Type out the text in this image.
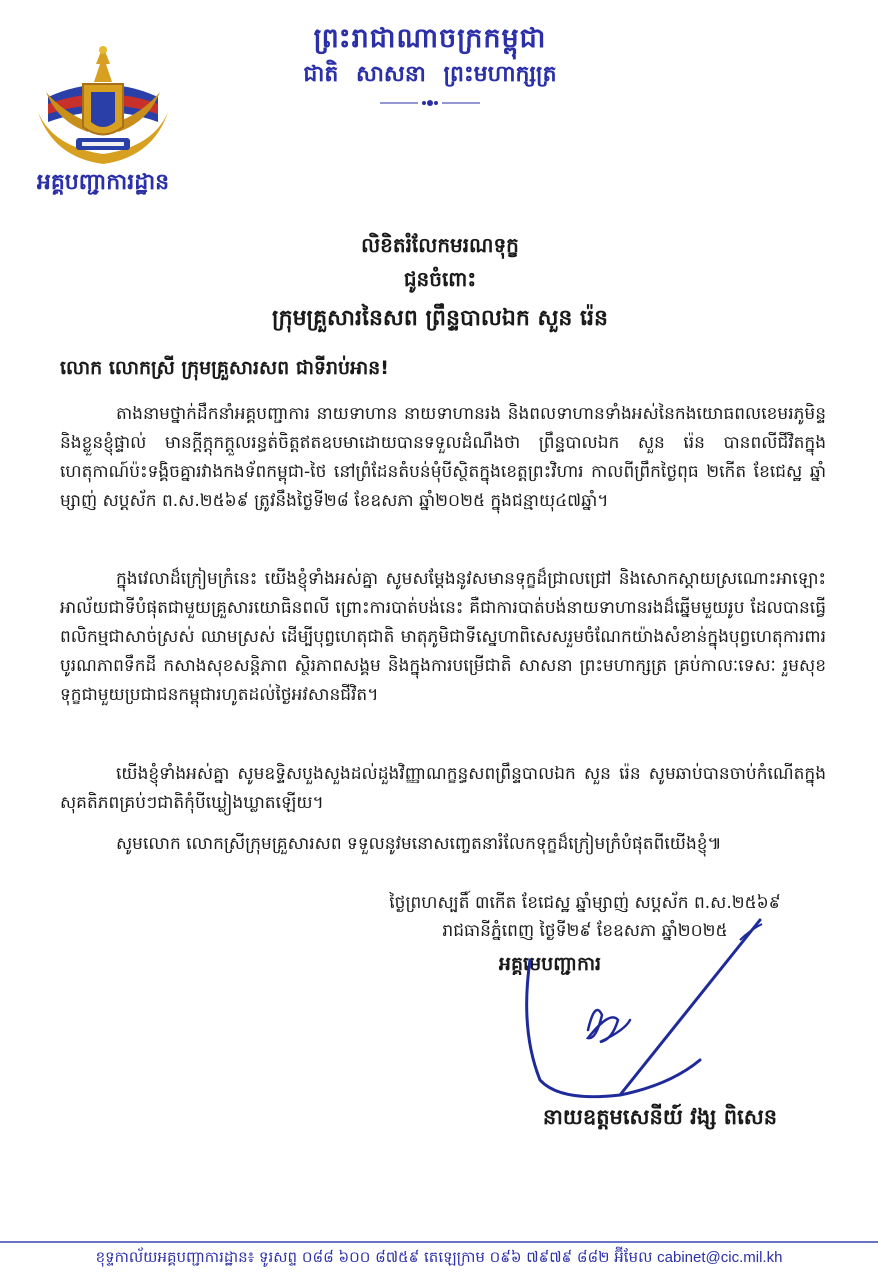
អគ្គបញ្ជាការដ្ឋាន
ព្រះរាជាណាចក្រកម្ពុជា
ជាតិ សាសនា ព្រះមហាក្សត្រ
លិខិតរំលែកមរណទុក្ខ
ជូនចំពោះ
ក្រុមគ្រួសារនៃសព ព្រឹន្ទបាលឯក សួន រ៉េន
លោក លោកស្រី ក្រុមគ្រួសារសព ជាទីរាប់អាន!
តាងនាមថ្នាក់ដឹកនាំអគ្គបញ្ជាការ នាយទាហាន នាយទាហានរង និងពលទាហានទាំងអស់នៃកងយោធពលខេមរភូមិន្ទ និងខ្លួនខ្ញុំផ្ទាល់ មានក្តីក្តុកក្តួលរន្ធត់ចិត្តឥតឧបមាដោយបានទទួលដំណឹងថា ព្រឹន្ទបាលឯក សួន រ៉េន បានពលីជីវិតក្នុងហេតុកាណ៍ប៉ះទង្គិចគ្នារវាងកងទ័ពកម្ពុជា-ថៃ នៅព្រំដែនតំបន់មុំបីស្ថិតក្នុងខេត្តព្រះវិហារ កាលពីព្រឹកថ្ងៃពុធ ២កើត ខែជេស្ឋ ឆ្នាំម្សាញ់ សប្តស័ក ព.ស.២៥៦៩ ត្រូវនឹងថ្ងៃទី២៨ ខែឧសភា ឆ្នាំ២០២៥ ក្នុងជន្មាយុ៤៧ឆ្នាំ។
ក្នុងវេលាដ៏ក្រៀមក្រំនេះ យើងខ្ញុំទាំងអស់គ្នា សូមសម្តែងនូវសមានទុក្ខដ៏ជ្រាលជ្រៅ និងសោកស្តាយស្រណោះអាឡោះអាល័យជាទីបំផុតជាមួយគ្រួសារយោធិនពលី ព្រោះការបាត់បង់នេះ គឺជាការបាត់បង់នាយទាហានរងដ៏ឆ្នើមមួយរូប ដែលបានធ្វើពលិកម្មជាសាច់ស្រស់ ឈាមស្រស់ ដើម្បីបុព្វហេតុជាតិ មាតុភូមិជាទីស្នេហាពិសេសរួមចំណែកយ៉ាងសំខាន់ក្នុងបុព្វហេតុការពារបូរណភាពទឹកដី កសាងសុខសន្តិភាព ស្ថិរភាពសង្គម និងក្នុងការបម្រើជាតិ សាសនា ព្រះមហាក្សត្រ គ្រប់កាលៈទេសៈ រួមសុខទុក្ខជាមួយប្រជាជនកម្ពុជារហូតដល់ថ្ងៃអវសានជីវិត។
យើងខ្ញុំទាំងអស់គ្នា សូមឧទ្ទិសបួងសួងដល់ដួងវិញ្ញាណក្ខន្ធសពព្រឹន្ទបាលឯក សួន រ៉េន សូមឆាប់បានចាប់កំណើតក្នុងសុគតិភពគ្រប់ៗជាតិកុំបីឃ្លៀងឃ្លាតឡើយ។
សូមលោក លោកស្រីក្រុមគ្រួសារសព ទទួលនូវមនោសញ្ចេតនារំលែកទុក្ខដ៏ក្រៀមក្រំបំផុតពីយើងខ្ញុំ៕
ថ្ងៃព្រហស្បតិ៍ ៣កើត ខែជេស្ឋ ឆ្នាំម្សាញ់ សប្តស័ក ព.ស.២៥៦៩
រាជធានីភ្នំពេញ ថ្ងៃទី២៩ ខែឧសភា ឆ្នាំ២០២៥
អគ្គមេបញ្ជាការ
នាយឧត្តមសេនីយ៍ វង្ស ពិសេន
ខុទ្ទកាល័យអគ្គបញ្ជាការដ្ឋាន៖ ទូរសព្ទ ០៨៨ ៦០០ ៨៧៥៩ តេឡេក្រាម ០៩៦ ៧៩៧៩ ៨៨២ អ៊ីមែល cabinet@cic.mil.kh
